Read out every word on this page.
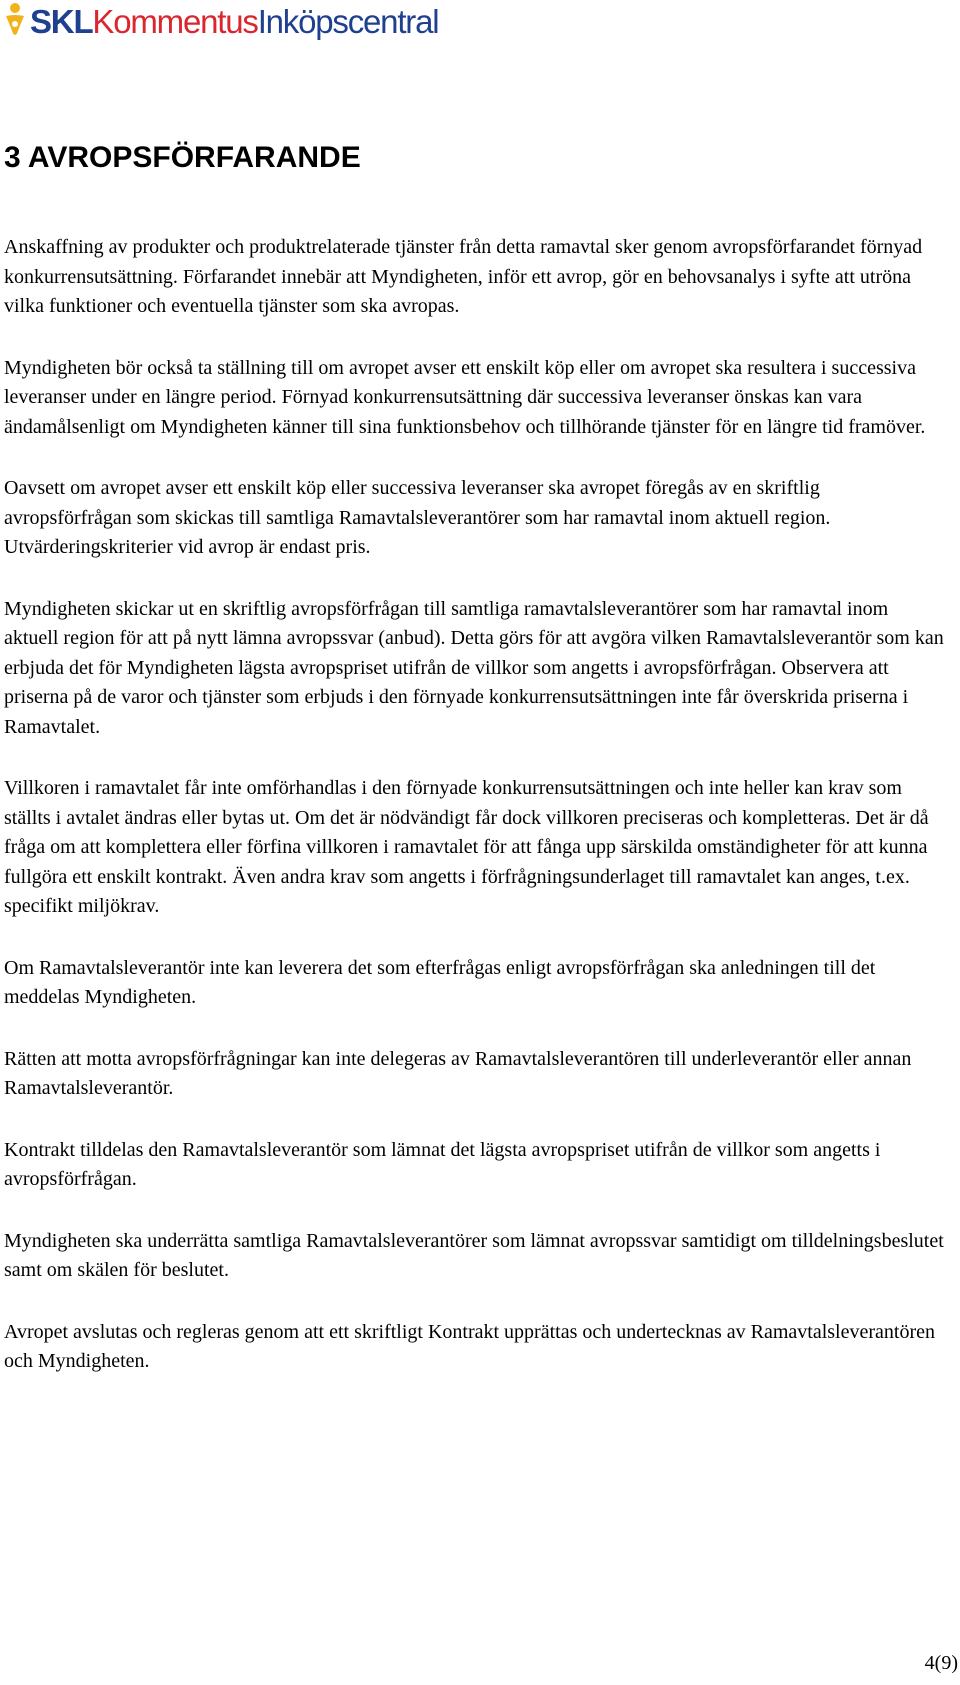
SKLKommentusInköpscentral
3 AVROPSFÖRFARANDE

Anskaffning av produkter och produktrelaterade tjänster från detta ramavtal sker genom avropsförfarandet förnyad konkurrensutsättning. Förfarandet innebär att Myndigheten, inför ett avrop, gör en behovsanalys i syfte att utröna vilka funktioner och eventuella tjänster som ska avropas.

Myndigheten bör också ta ställning till om avropet avser ett enskilt köp eller om avropet ska resultera i successiva leveranser under en längre period. Förnyad konkurrensutsättning där successiva leveranser önskas kan vara ändamålsenligt om Myndigheten känner till sina funktionsbehov och tillhörande tjänster för en längre tid framöver.

Oavsett om avropet avser ett enskilt köp eller successiva leveranser ska avropet föregås av en skriftlig avropsförfrågan som skickas till samtliga Ramavtalsleverantörer som har ramavtal inom aktuell region. Utvärderingskriterier vid avrop är endast pris.

Myndigheten skickar ut en skriftlig avropsförfrågan till samtliga ramavtalsleverantörer som har ramavtal inom aktuell region för att på nytt lämna avropssvar (anbud). Detta görs för att avgöra vilken Ramavtalsleverantör som kan erbjuda det för Myndigheten lägsta avropspriset utifrån de villkor som angetts i avropsförfrågan. Observera att priserna på de varor och tjänster som erbjuds i den förnyade konkurrensutsättningen inte får överskrida priserna i Ramavtalet.

Villkoren i ramavtalet får inte omförhandlas i den förnyade konkurrensutsättningen och inte heller kan krav som ställts i avtalet ändras eller bytas ut. Om det är nödvändigt får dock villkoren preciseras och kompletteras. Det är då fråga om att komplettera eller förfina villkoren i ramavtalet för att fånga upp särskilda omständigheter för att kunna fullgöra ett enskilt kontrakt. Även andra krav som angetts i förfrågningsunderlaget till ramavtalet kan anges, t.ex. specifikt miljökrav.

Om Ramavtalsleverantör inte kan leverera det som efterfrågas enligt avropsförfrågan ska anledningen till det meddelas Myndigheten.

Rätten att motta avropsförfrågningar kan inte delegeras av Ramavtalsleverantören till underleverantör eller annan Ramavtalsleverantör.

Kontrakt tilldelas den Ramavtalsleverantör som lämnat det lägsta avropspriset utifrån de villkor som angetts i avropsförfrågan.

Myndigheten ska underrätta samtliga Ramavtalsleverantörer som lämnat avropssvar samtidigt om tilldelningsbeslutet samt om skälen för beslutet.

Avropet avslutas och regleras genom att ett skriftligt Kontrakt upprättas och undertecknas av Ramavtalsleverantören och Myndigheten.

4(9)
